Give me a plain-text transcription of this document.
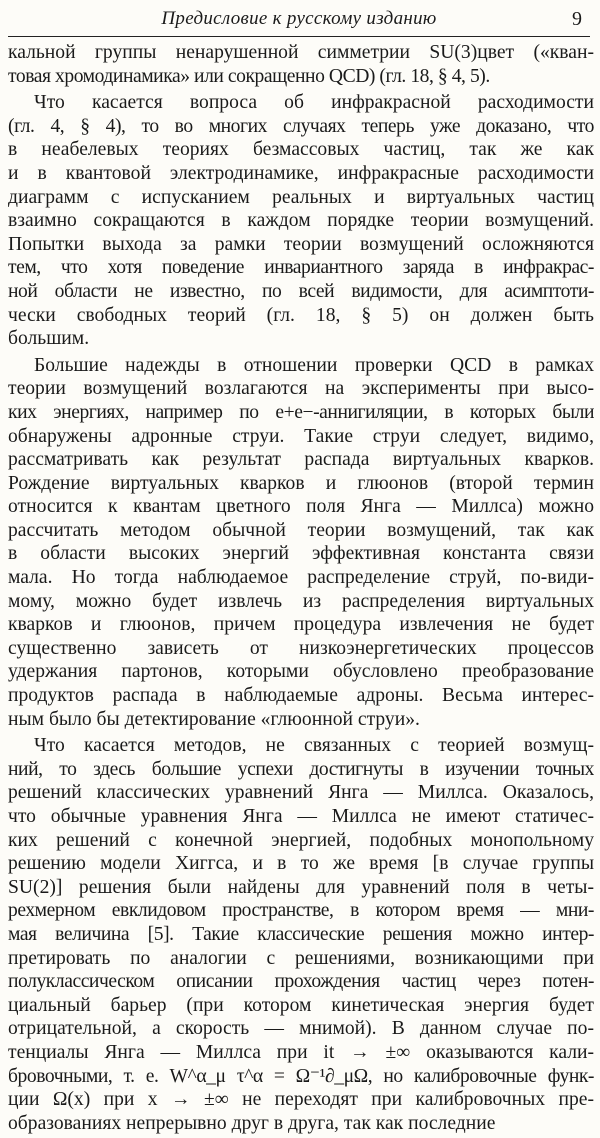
Предисловие к русскому изданию	9
кальной группы ненарушенной симметрии SU(3)цвет («кван-
товая хромодинамика» или сокращенно QCD) (гл. 18, § 4, 5).
Что касается вопроса об инфракрасной расходимости
(гл. 4, § 4), то во многих случаях теперь уже доказано, что
в неабелевых теориях безмассовых частиц, так же как
и в квантовой электродинамике, инфракрасные расходимости
диаграмм с испусканием реальных и виртуальных частиц
взаимно сокращаются в каждом порядке теории возмущений.
Попытки выхода за рамки теории возмущений осложняются
тем, что хотя поведение инвариантного заряда в инфракрас-
ной области не известно, по всей видимости, для асимптоти-
чески свободных теорий (гл. 18, § 5) он должен быть
большим.
Большие надежды в отношении проверки QCD в рамках
теории возмущений возлагаются на эксперименты при высо-
ких энергиях, например по e+e−-аннигиляции, в которых были
обнаружены адронные струи. Такие струи следует, видимо,
рассматривать как результат распада виртуальных кварков.
Рождение виртуальных кварков и глюонов (второй термин
относится к квантам цветного поля Янга — Миллса) можно
рассчитать методом обычной теории возмущений, так как
в области высоких энергий эффективная константа связи
мала. Но тогда наблюдаемое распределение струй, по-види-
мому, можно будет извлечь из распределения виртуальных
кварков и глюонов, причем процедура извлечения не будет
существенно зависеть от низкоэнергетических процессов
удержания партонов, которыми обусловлено преобразование
продуктов распада в наблюдаемые адроны. Весьма интерес-
ным было бы детектирование «глюонной струи».
Что касается методов, не связанных с теорией возмущ-
ний, то здесь большие успехи достигнуты в изучении точных
решений классических уравнений Янга — Миллса. Оказалось,
что обычные уравнения Янга — Миллса не имеют статичес-
ких решений с конечной энергией, подобных монопольному
решению модели Хиггса, и в то же время [в случае группы
SU(2)] решения были найдены для уравнений поля в четы-
рехмерном евклидовом пространстве, в котором время — мни-
мая величина [5]. Такие классические решения можно интер-
претировать по аналогии с решениями, возникающими при
полуклассическом описании прохождения частиц через потен-
циальный барьер (при котором кинетическая энергия будет
отрицательной, а скорость — мнимой). В данном случае по-
тенциалы Янга — Миллса при it → ±∞ оказываются кали-
бровочными, т. е. W^α_μ τ^α = Ω⁻¹∂_μΩ, но калибровочные функ-
ции Ω(x) при x → ±∞ не переходят при калибровочных пре-
образованиях непрерывно друг в друга, так как последние
